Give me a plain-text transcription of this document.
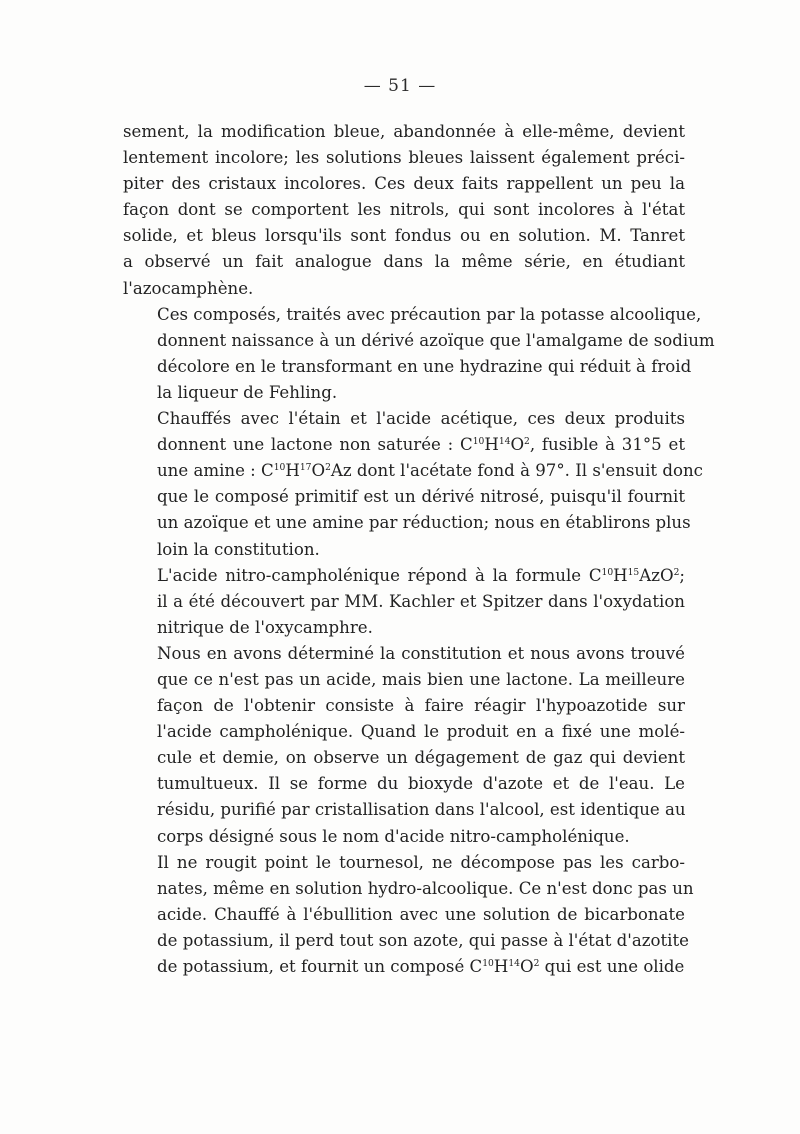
— 51 —

sement, la modification bleue, abandonnée à elle-même, devient
lentement incolore; les solutions bleues laissent également préci-
piter des cristaux incolores. Ces deux faits rappellent un peu la
façon dont se comportent les nitrols, qui sont incolores à l'état
solide, et bleus lorsqu'ils sont fondus ou en solution. M. Tanret
a observé un fait analogue dans la même série, en étudiant
l'azocamphène.

Ces composés, traités avec précaution par la potasse alcoolique,
donnent naissance à un dérivé azoïque que l'amalgame de sodium
décolore en le transformant en une hydrazine qui réduit à froid
la liqueur de Fehling.

Chauffés avec l'étain et l'acide acétique, ces deux produits
donnent une lactone non saturée : $C^{10}H^{14}O^2$, fusible à 31°5 et
une amine : $C^{10}H^{17}O^2Az$ dont l'acétate fond à 97°. Il s'ensuit donc
que le composé primitif est un dérivé nitrosé, puisqu'il fournit
un azoïque et une amine par réduction; nous en établirons plus
loin la constitution.

L'acide nitro-campholénique répond à la formule $C^{10}H^{15}AzO^2$;
il a été découvert par MM. Kachler et Spitzer dans l'oxydation
nitrique de l'oxycamphre.

Nous en avons déterminé la constitution et nous avons trouvé
que ce n'est pas un acide, mais bien une lactone. La meilleure
façon de l'obtenir consiste à faire réagir l'hypoazotide sur
l'acide campholénique. Quand le produit en a fixé une molé-
cule et demie, on observe un dégagement de gaz qui devient
tumultueux. Il se forme du bioxyde d'azote et de l'eau. Le
résidu, purifié par cristallisation dans l'alcool, est identique au
corps désigné sous le nom d'acide nitro-campholénique.

Il ne rougit point le tournesol, ne décompose pas les carbo-
nates, même en solution hydro-alcoolique. Ce n'est donc pas un
acide. Chauffé à l'ébullition avec une solution de bicarbonate
de potassium, il perd tout son azote, qui passe à l'état d'azotite
de potassium, et fournit un composé $C^{10}H^{14}O^2$ qui est une olide
